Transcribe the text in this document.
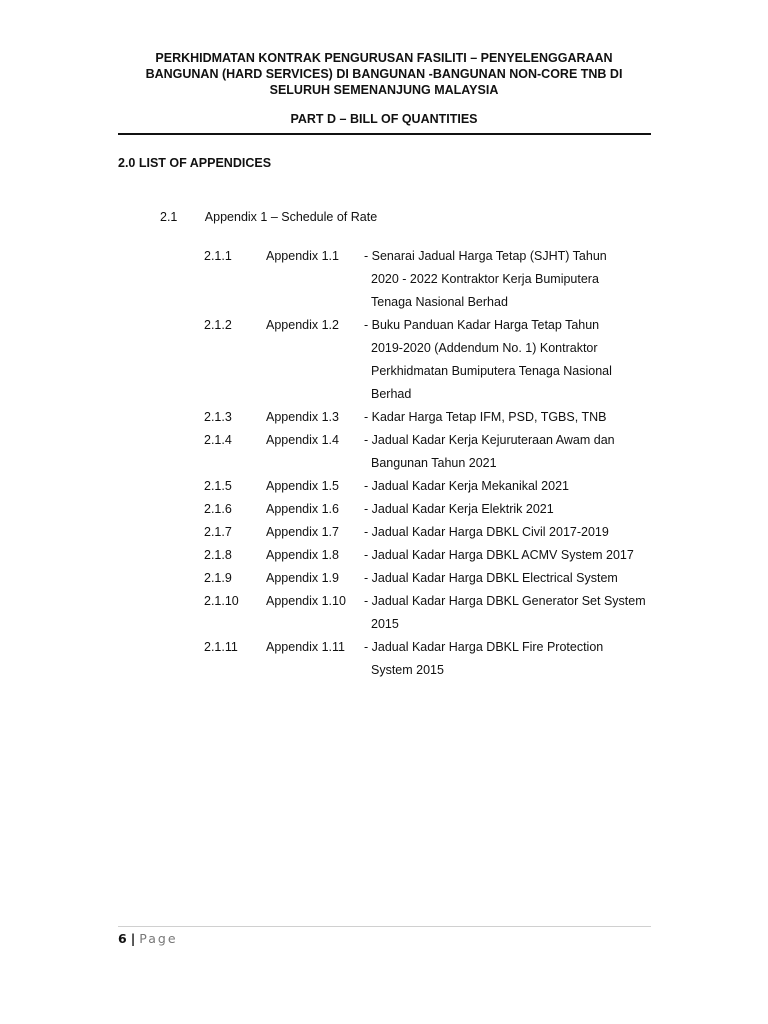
PERKHIDMATAN KONTRAK PENGURUSAN FASILITI – PENYELENGGARAAN
BANGUNAN (HARD SERVICES) DI BANGUNAN -BANGUNAN NON-CORE TNB DI
SELURUH SEMENANJUNG MALAYSIA
PART D – BILL OF QUANTITIES
2.0 LIST OF APPENDICES
2.1 Appendix 1 – Schedule of Rate
2.1.1	Appendix 1.1	- Senarai Jadual Harga Tetap (SJHT) Tahun
2020 - 2022 Kontraktor Kerja Bumiputera
Tenaga Nasional Berhad
2.1.2	Appendix 1.2	- Buku Panduan Kadar Harga Tetap Tahun
2019-2020 (Addendum No. 1) Kontraktor
Perkhidmatan Bumiputera Tenaga Nasional
Berhad
2.1.3	Appendix 1.3	- Kadar Harga Tetap IFM, PSD, TGBS, TNB
2.1.4	Appendix 1.4	- Jadual Kadar Kerja Kejuruteraan Awam dan
Bangunan Tahun 2021
2.1.5	Appendix 1.5	- Jadual Kadar Kerja Mekanikal 2021
2.1.6	Appendix 1.6	- Jadual Kadar Kerja Elektrik 2021
2.1.7	Appendix 1.7	- Jadual Kadar Harga DBKL Civil 2017-2019
2.1.8	Appendix 1.8	- Jadual Kadar Harga DBKL ACMV System 2017
2.1.9	Appendix 1.9	- Jadual Kadar Harga DBKL Electrical System
2.1.10	Appendix 1.10	- Jadual Kadar Harga DBKL Generator Set System
2015
2.1.11	Appendix 1.11	- Jadual Kadar Harga DBKL Fire Protection
System 2015
6 | Page
